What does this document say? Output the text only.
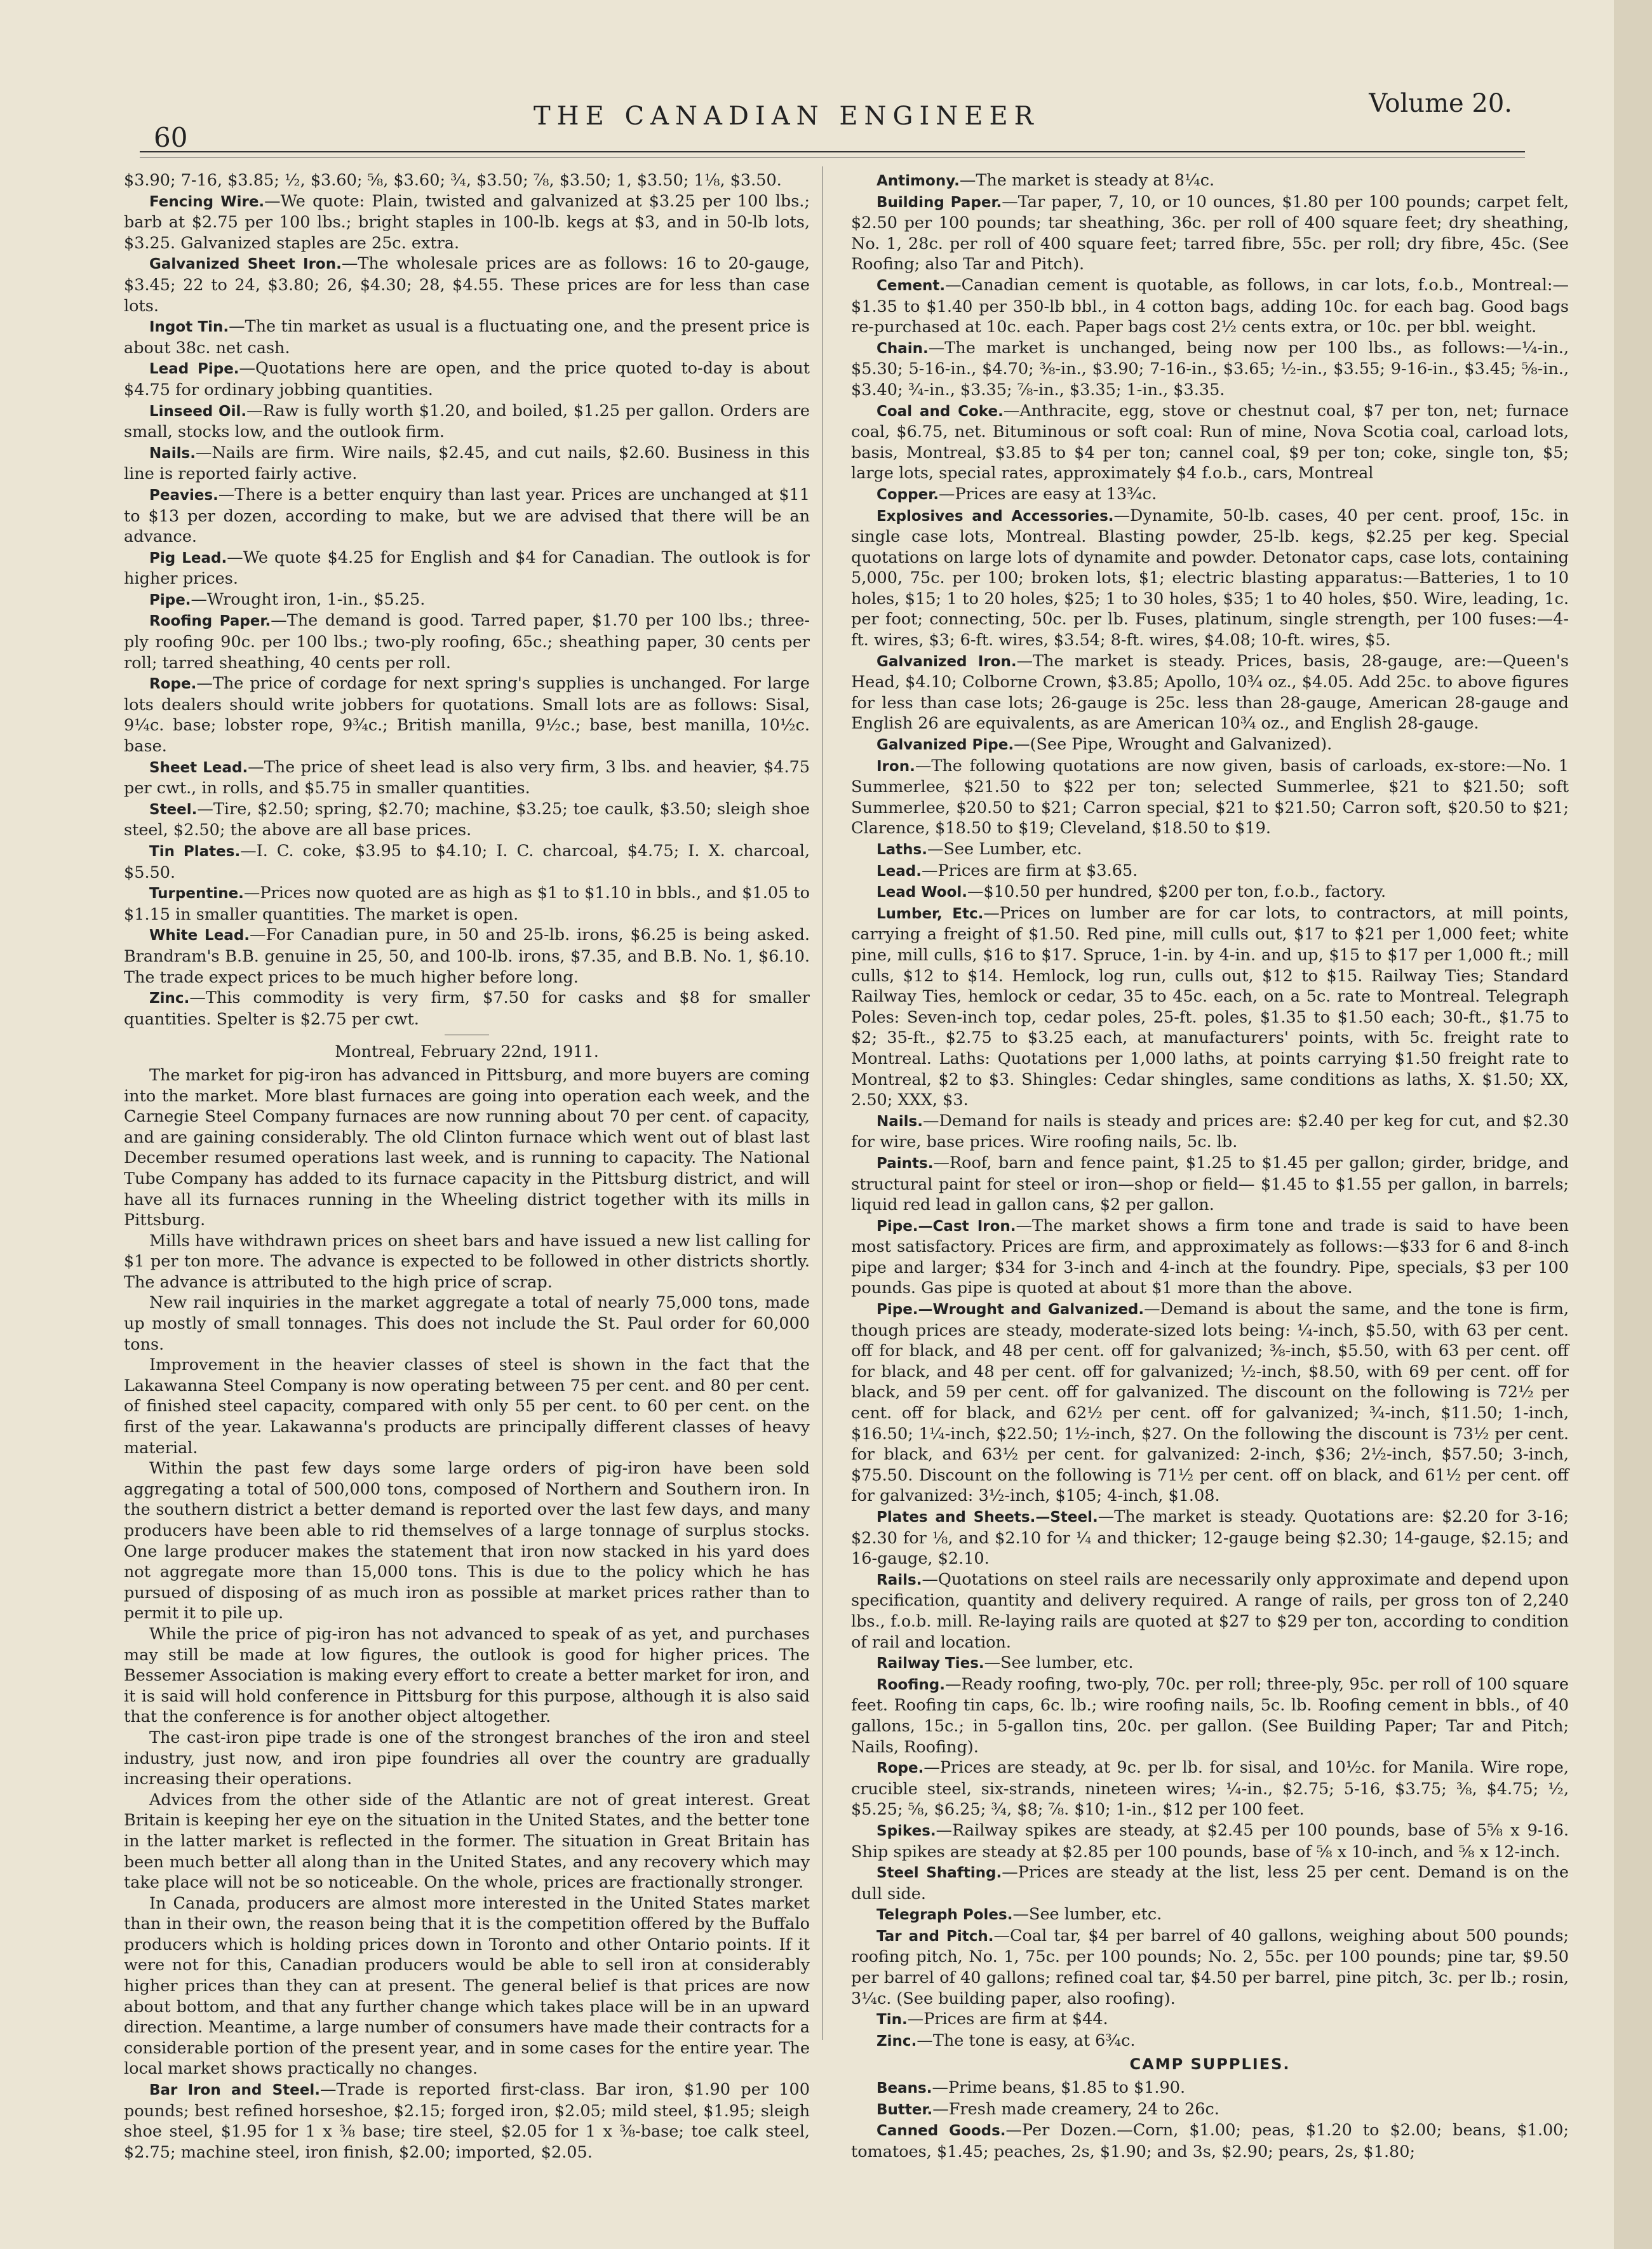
60
THE CANADIAN ENGINEER	Volume 20.

$3.90; 7-16, $3.85; ½, $3.60; ⅝, $3.60; ¾, $3.50; ⅞, $3.50; 1, $3.50; 1⅛, $3.50.

Fencing Wire.—We quote: Plain, twisted and galvanized at $3.25 per 100 lbs.; barb at $2.75 per 100 lbs.; bright staples in 100-lb. kegs at $3, and in 50-lb lots, $3.25. Galvanized staples are 25c. extra.

Galvanized Sheet Iron.—The wholesale prices are as follows: 16 to 20-gauge, $3.45; 22 to 24, $3.80; 26, $4.30; 28, $4.55. These prices are for less than case lots.

Ingot Tin.—The tin market as usual is a fluctuating one, and the present price is about 38c. net cash.

Lead Pipe.—Quotations here are open, and the price quoted to-day is about $4.75 for ordinary jobbing quantities.

Linseed Oil.—Raw is fully worth $1.20, and boiled, $1.25 per gallon. Orders are small, stocks low, and the outlook firm.

Nails.—Nails are firm. Wire nails, $2.45, and cut nails, $2.60. Business in this line is reported fairly active.

Peavies.—There is a better enquiry than last year. Prices are unchanged at $11 to $13 per dozen, according to make, but we are advised that there will be an advance.

Pig Lead.—We quote $4.25 for English and $4 for Canadian. The outlook is for higher prices.

Pipe.—Wrought iron, 1-in., $5.25.

Roofing Paper.—The demand is good. Tarred paper, $1.70 per 100 lbs.; three-ply roofing 90c. per 100 lbs.; two-ply roofing, 65c.; sheathing paper, 30 cents per roll; tarred sheathing, 40 cents per roll.

Rope.—The price of cordage for next spring's supplies is unchanged. For large lots dealers should write jobbers for quotations. Small lots are as follows: Sisal, 9¼c. base; lobster rope, 9¾c.; British manilla, 9½c.; base, best manilla, 10½c. base.

Sheet Lead.—The price of sheet lead is also very firm, 3 lbs. and heavier, $4.75 per cwt., in rolls, and $5.75 in smaller quantities.

Steel.—Tire, $2.50; spring, $2.70; machine, $3.25; toe caulk, $3.50; sleigh shoe steel, $2.50; the above are all base prices.

Tin Plates.—I. C. coke, $3.95 to $4.10; I. C. charcoal, $4.75; I. X. charcoal, $5.50.

Turpentine.—Prices now quoted are as high as $1 to $1.10 in bbls., and $1.05 to $1.15 in smaller quantities. The market is open.

White Lead.—For Canadian pure, in 50 and 25-lb. irons, $6.25 is being asked. Brandram's B.B. genuine in 25, 50, and 100-lb. irons, $7.35, and B.B. No. 1, $6.10. The trade expect prices to be much higher before long.

Zinc.—This commodity is very firm, $7.50 for casks and $8 for smaller quantities. Spelter is $2.75 per cwt.

Montreal, February 22nd, 1911.

The market for pig-iron has advanced in Pittsburg, and more buyers are coming into the market. More blast furnaces are going into operation each week, and the Carnegie Steel Company furnaces are now running about 70 per cent. of capacity, and are gaining considerably. The old Clinton furnace which went out of blast last December resumed operations last week, and is running to capacity. The National Tube Company has added to its furnace capacity in the Pittsburg district, and will have all its furnaces running in the Wheeling district together with its mills in Pittsburg.

Mills have withdrawn prices on sheet bars and have issued a new list calling for $1 per ton more. The advance is expected to be followed in other districts shortly. The advance is attributed to the high price of scrap.

New rail inquiries in the market aggregate a total of nearly 75,000 tons, made up mostly of small tonnages. This does not include the St. Paul order for 60,000 tons.

Improvement in the heavier classes of steel is shown in the fact that the Lakawanna Steel Company is now operating between 75 per cent. and 80 per cent. of finished steel capacity, compared with only 55 per cent. to 60 per cent. on the first of the year. Lakawanna's products are principally different classes of heavy material.

Within the past few days some large orders of pig-iron have been sold aggregating a total of 500,000 tons, composed of Northern and Southern iron. In the southern district a better demand is reported over the last few days, and many producers have been able to rid themselves of a large tonnage of surplus stocks. One large producer makes the statement that iron now stacked in his yard does not aggregate more than 15,000 tons. This is due to the policy which he has pursued of disposing of as much iron as possible at market prices rather than to permit it to pile up.

While the price of pig-iron has not advanced to speak of as yet, and purchases may still be made at low figures, the outlook is good for higher prices. The Bessemer Association is making every effort to create a better market for iron, and it is said will hold conference in Pittsburg for this purpose, although it is also said that the conference is for another object altogether.

The cast-iron pipe trade is one of the strongest branches of the iron and steel industry, just now, and iron pipe foundries all over the country are gradually increasing their operations.

Advices from the other side of the Atlantic are not of great interest. Great Britain is keeping her eye on the situation in the United States, and the better tone in the latter market is reflected in the former. The situation in Great Britain has been much better all along than in the United States, and any recovery which may take place will not be so noticeable. On the whole, prices are fractionally stronger.

In Canada, producers are almost more interested in the United States market than in their own, the reason being that it is the competition offered by the Buffalo producers which is holding prices down in Toronto and other Ontario points. If it were not for this, Canadian producers would be able to sell iron at considerably higher prices than they can at present. The general belief is that prices are now about bottom, and that any further change which takes place will be in an upward direction. Meantime, a large number of consumers have made their contracts for a considerable portion of the present year, and in some cases for the entire year. The local market shows practically no changes.

Bar Iron and Steel.—Trade is reported first-class. Bar iron, $1.90 per 100 pounds; best refined horseshoe, $2.15; forged iron, $2.05; mild steel, $1.95; sleigh shoe steel, $1.95 for 1 x ⅜ base; tire steel, $2.05 for 1 x ⅜-base; toe calk steel, $2.75; machine steel, iron finish, $2.00; imported, $2.05.

Antimony.—The market is steady at 8¼c.

Building Paper.—Tar paper, 7, 10, or 10 ounces, $1.80 per 100 pounds; carpet felt, $2.50 per 100 pounds; tar sheathing, 36c. per roll of 400 square feet; dry sheathing, No. 1, 28c. per roll of 400 square feet; tarred fibre, 55c. per roll; dry fibre, 45c. (See Roofing; also Tar and Pitch).

Cement.—Canadian cement is quotable, as follows, in car lots, f.o.b., Montreal:—$1.35 to $1.40 per 350-lb bbl., in 4 cotton bags, adding 10c. for each bag. Good bags re-purchased at 10c. each. Paper bags cost 2½ cents extra, or 10c. per bbl. weight.

Chain.—The market is unchanged, being now per 100 lbs., as follows:—¼-in., $5.30; 5-16-in., $4.70; ⅜-in., $3.90; 7-16-in., $3.65; ½-in., $3.55; 9-16-in., $3.45; ⅝-in., $3.40; ¾-in., $3.35; ⅞-in., $3.35; 1-in., $3.35.

Coal and Coke.—Anthracite, egg, stove or chestnut coal, $7 per ton, net; furnace coal, $6.75, net. Bituminous or soft coal: Run of mine, Nova Scotia coal, carload lots, basis, Montreal, $3.85 to $4 per ton; cannel coal, $9 per ton; coke, single ton, $5; large lots, special rates, approximately $4 f.o.b., cars, Montreal

Copper.—Prices are easy at 13¾c.

Explosives and Accessories.—Dynamite, 50-lb. cases, 40 per cent. proof, 15c. in single case lots, Montreal. Blasting powder, 25-lb. kegs, $2.25 per keg. Special quotations on large lots of dynamite and powder. Detonator caps, case lots, containing 5,000, 75c. per 100; broken lots, $1; electric blasting apparatus:—Batteries, 1 to 10 holes, $15; 1 to 20 holes, $25; 1 to 30 holes, $35; 1 to 40 holes, $50. Wire, leading, 1c. per foot; connecting, 50c. per lb. Fuses, platinum, single strength, per 100 fuses:—4-ft. wires, $3; 6-ft. wires, $3.54; 8-ft. wires, $4.08; 10-ft. wires, $5.

Galvanized Iron.—The market is steady. Prices, basis, 28-gauge, are:—Queen's Head, $4.10; Colborne Crown, $3.85; Apollo, 10¾ oz., $4.05. Add 25c. to above figures for less than case lots; 26-gauge is 25c. less than 28-gauge, American 28-gauge and English 26 are equivalents, as are American 10¾ oz., and English 28-gauge.

Galvanized Pipe.—(See Pipe, Wrought and Galvanized).

Iron.—The following quotations are now given, basis of carloads, ex-store:—No. 1 Summerlee, $21.50 to $22 per ton; selected Summerlee, $21 to $21.50; soft Summerlee, $20.50 to $21; Carron special, $21 to $21.50; Carron soft, $20.50 to $21; Clarence, $18.50 to $19; Cleveland, $18.50 to $19.

Laths.—See Lumber, etc.

Lead.—Prices are firm at $3.65.

Lead Wool.—$10.50 per hundred, $200 per ton, f.o.b., factory.

Lumber, Etc.—Prices on lumber are for car lots, to contractors, at mill points, carrying a freight of $1.50. Red pine, mill culls out, $17 to $21 per 1,000 feet; white pine, mill culls, $16 to $17. Spruce, 1-in. by 4-in. and up, $15 to $17 per 1,000 ft.; mill culls, $12 to $14. Hemlock, log run, culls out, $12 to $15. Railway Ties; Standard Railway Ties, hemlock or cedar, 35 to 45c. each, on a 5c. rate to Montreal. Telegraph Poles: Seven-inch top, cedar poles, 25-ft. poles, $1.35 to $1.50 each; 30-ft., $1.75 to $2; 35-ft., $2.75 to $3.25 each, at manufacturers' points, with 5c. freight rate to Montreal. Laths: Quotations per 1,000 laths, at points carrying $1.50 freight rate to Montreal, $2 to $3. Shingles: Cedar shingles, same conditions as laths, X. $1.50; XX, 2.50; XXX, $3.

Nails.—Demand for nails is steady and prices are: $2.40 per keg for cut, and $2.30 for wire, base prices. Wire roofing nails, 5c. lb.

Paints.—Roof, barn and fence paint, $1.25 to $1.45 per gallon; girder, bridge, and structural paint for steel or iron—shop or field— $1.45 to $1.55 per gallon, in barrels; liquid red lead in gallon cans, $2 per gallon.

Pipe.—Cast Iron.—The market shows a firm tone and trade is said to have been most satisfactory. Prices are firm, and approximately as follows:—$33 for 6 and 8-inch pipe and larger; $34 for 3-inch and 4-inch at the foundry. Pipe, specials, $3 per 100 pounds. Gas pipe is quoted at about $1 more than the above.

Pipe.—Wrought and Galvanized.—Demand is about the same, and the tone is firm, though prices are steady, moderate-sized lots being: ¼-inch, $5.50, with 63 per cent. off for black, and 48 per cent. off for galvanized; ⅜-inch, $5.50, with 63 per cent. off for black, and 48 per cent. off for galvanized; ½-inch, $8.50, with 69 per cent. off for black, and 59 per cent. off for galvanized. The discount on the following is 72½ per cent. off for black, and 62½ per cent. off for galvanized; ¾-inch, $11.50; 1-inch, $16.50; 1¼-inch, $22.50; 1½-inch, $27. On the following the discount is 73½ per cent. for black, and 63½ per cent. for galvanized: 2-inch, $36; 2½-inch, $57.50; 3-inch, $75.50. Discount on the following is 71½ per cent. off on black, and 61½ per cent. off for galvanized: 3½-inch, $105; 4-inch, $1.08.

Plates and Sheets.—Steel.—The market is steady. Quotations are: $2.20 for 3-16; $2.30 for ⅛, and $2.10 for ¼ and thicker; 12-gauge being $2.30; 14-gauge, $2.15; and 16-gauge, $2.10.

Rails.—Quotations on steel rails are necessarily only approximate and depend upon specification, quantity and delivery required. A range of rails, per gross ton of 2,240 lbs., f.o.b. mill. Re-laying rails are quoted at $27 to $29 per ton, according to condition of rail and location.

Railway Ties.—See lumber, etc.

Roofing.—Ready roofing, two-ply, 70c. per roll; three-ply, 95c. per roll of 100 square feet. Roofing tin caps, 6c. lb.; wire roofing nails, 5c. lb. Roofing cement in bbls., of 40 gallons, 15c.; in 5-gallon tins, 20c. per gallon. (See Building Paper; Tar and Pitch; Nails, Roofing).

Rope.—Prices are steady, at 9c. per lb. for sisal, and 10½c. for Manila. Wire rope, crucible steel, six-strands, nineteen wires; ¼-in., $2.75; 5-16, $3.75; ⅜, $4.75; ½, $5.25; ⅝, $6.25; ¾, $8; ⅞. $10; 1-in., $12 per 100 feet.

Spikes.—Railway spikes are steady, at $2.45 per 100 pounds, base of 5⅝ x 9-16. Ship spikes are steady at $2.85 per 100 pounds, base of ⅝ x 10-inch, and ⅝ x 12-inch.

Steel Shafting.—Prices are steady at the list, less 25 per cent. Demand is on the dull side.

Telegraph Poles.—See lumber, etc.

Tar and Pitch.—Coal tar, $4 per barrel of 40 gallons, weighing about 500 pounds; roofing pitch, No. 1, 75c. per 100 pounds; No. 2, 55c. per 100 pounds; pine tar, $9.50 per barrel of 40 gallons; refined coal tar, $4.50 per barrel, pine pitch, 3c. per lb.; rosin, 3¼c. (See building paper, also roofing).

Tin.—Prices are firm at $44.

Zinc.—The tone is easy, at 6¾c.

CAMP SUPPLIES.

Beans.—Prime beans, $1.85 to $1.90.

Butter.—Fresh made creamery, 24 to 26c.

Canned Goods.—Per Dozen.—Corn, $1.00; peas, $1.20 to $2.00; beans, $1.00; tomatoes, $1.45; peaches, 2s, $1.90; and 3s, $2.90; pears, 2s, $1.80;
